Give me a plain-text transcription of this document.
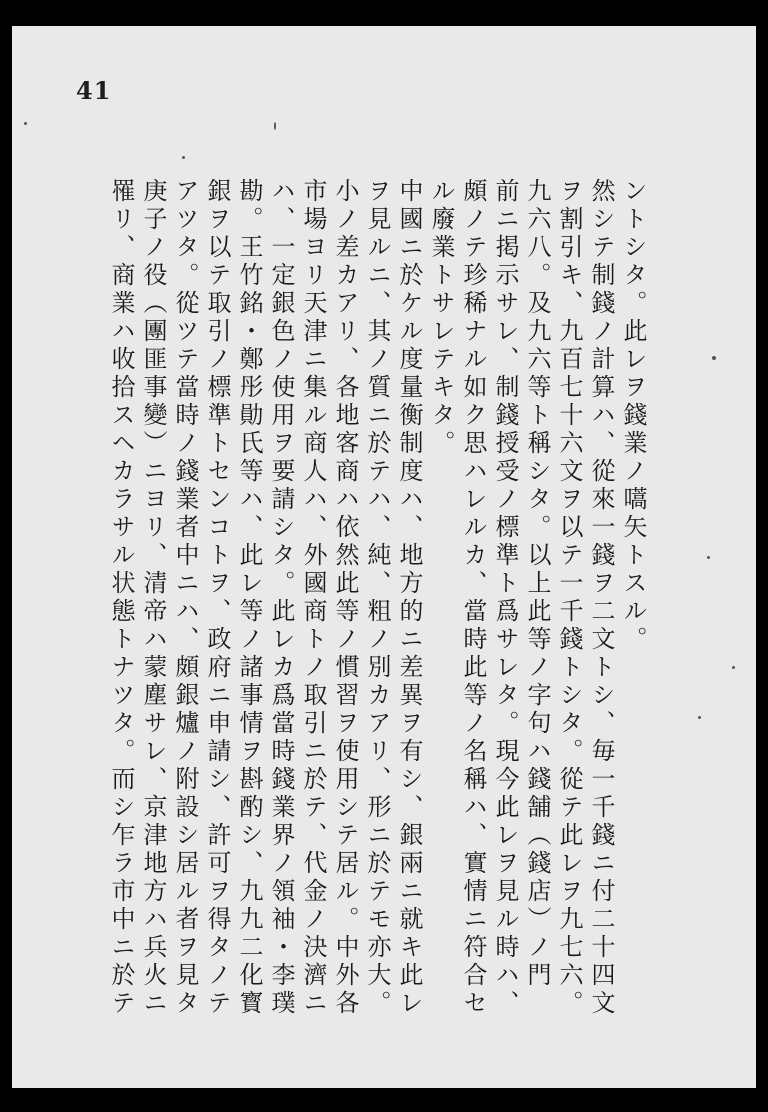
41
ントシタ。此レヲ錢業ノ嚆矢トスル。
然シテ制錢ノ計算ハ、從來一錢ヲ二文トシ、毎一千錢ニ付二十四文
ヲ割引キ、九百七十六文ヲ以テ一千錢トシタ。從テ此レヲ九七六。
九六八。及九六等ト稱シタ。以上此等ノ字句ハ錢舗（錢店）ノ門
前ニ掲示サレ、制錢授受ノ標準ト爲サレタ。現今此レヲ見ル時ハ、
頗ノテ珍稀ナル如ク思ハレルカ、當時此等ノ名稱ハ、實情ニ符合セ
ル廢業トサレテキタ。
中國ニ於ケル度量衡制度ハ、地方的ニ差異ヲ有シ、銀兩ニ就キ此レ
ヲ見ルニ、其ノ質ニ於テハ、純、粗ノ別カアリ、形ニ於テモ亦大。
小ノ差カアリ、各地客商ハ依然此等ノ慣習ヲ使用シテ居ル。中外各
市場ヨリ天津ニ集ル商人ハ、外國商トノ取引ニ於テ、代金ノ決濟ニ
ハ、一定銀色ノ使用ヲ要請シタ。此レカ爲當時錢業界ノ領袖・李璞
勘。王竹銘・鄭彤勛氏等ハ、此レ等ノ諸事情ヲ斟酌シ、九九二化寳
銀ヲ以テ取引ノ標準トセンコトヲ、政府ニ申請シ、許可ヲ得タノテ
アツタ。從ツテ當時ノ錢業者中ニハ、頗銀爐ノ附設シ居ル者ヲ見タ
庚子ノ役（團匪事變）ニヨリ、清帝ハ蒙塵サレ、京津地方ハ兵火ニ
罹リ、商業ハ收拾スヘカラサル状態トナツタ。而シ乍ラ市中ニ於テ
